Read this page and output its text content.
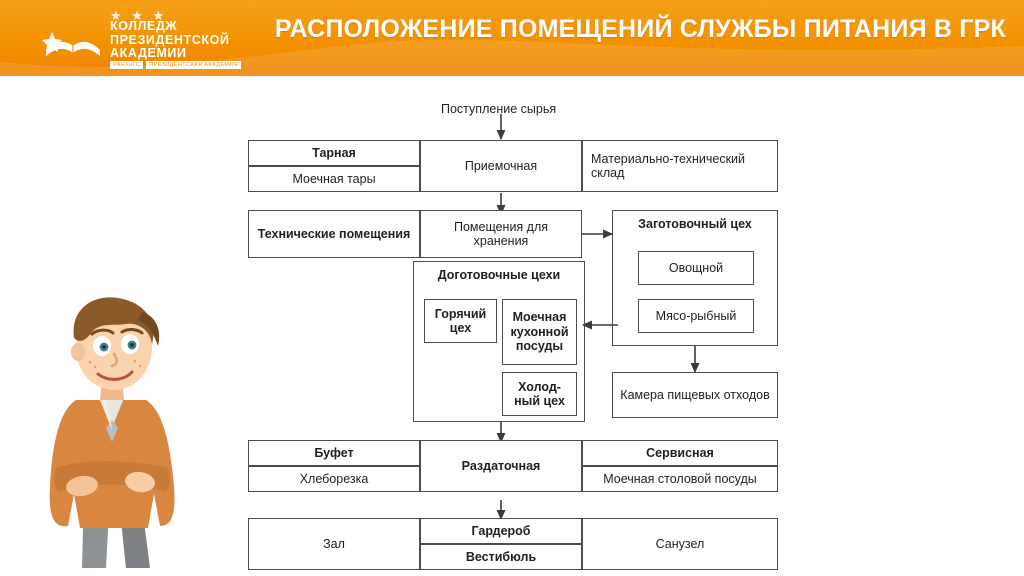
★ ★ ★
КОЛЛЕДЖ
ПРЕЗИДЕНТСКОЙ
АКАДЕМИИ
РАНХиГС	ПРЕЗИДЕНТСКАЯ АКАДЕМИЯ
РАСПОЛОЖЕНИЕ ПОМЕЩЕНИЙ СЛУЖБЫ ПИТАНИЯ В ГРК
Поступление сырья
Тарная
Моечная тары
Приемочная
Материально-технический склад
Технические помещения
Помещения для хранения
Заготовочный цех
Овощной
Мясо-рыбный
Доготовочные цехи
Горячий цех
Моечная кухонной посуды
Холод-ный цех	Камера пищевых отходов
Буфет
Хлеборезка
Раздаточная
Сервисная
Моечная столовой посуды
Зал
Гардероб
Вестибюль
Санузел
